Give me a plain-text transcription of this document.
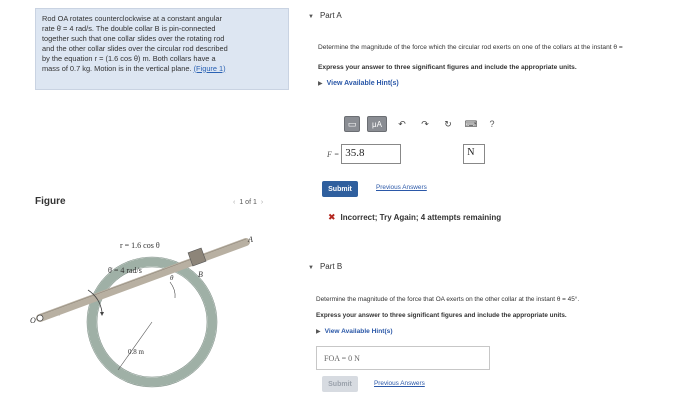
Rod OA rotates counterclockwise at a constant angular
rate θ̇ = 4 rad/s. The double collar B is pin-connected
together such that one collar slides over the rotating rod
and the other collar slides over the circular rod described
by the equation r = (1.6 cos θ) m. Both collars have a
mass of 0.7 kg. Motion is in the vertical plane. (Figure 1)
Figure	‹ 1 of 1 ›
r = 1.6 cos θ
θ̇ = 4 rad/s
0.8 m
A
B
O
θ
▼ Part A
Determine the magnitude of the force which the circular rod exerts on one of the collars at the instant θ =
Express your answer to three significant figures and include the appropriate units.
▶ View Available Hint(s)
▭	μA	↶	↷	↻	⌨	?
F = 35.8	N
Submit	Previous Answers
✖ Incorrect; Try Again; 4 attempts remaining
▼ Part B
Determine the magnitude of the force that OA exerts on the other collar at the instant θ = 45°.
Express your answer to three significant figures and include the appropriate units.
▶ View Available Hint(s)
FOA = 0 N
Submit	Previous Answers
